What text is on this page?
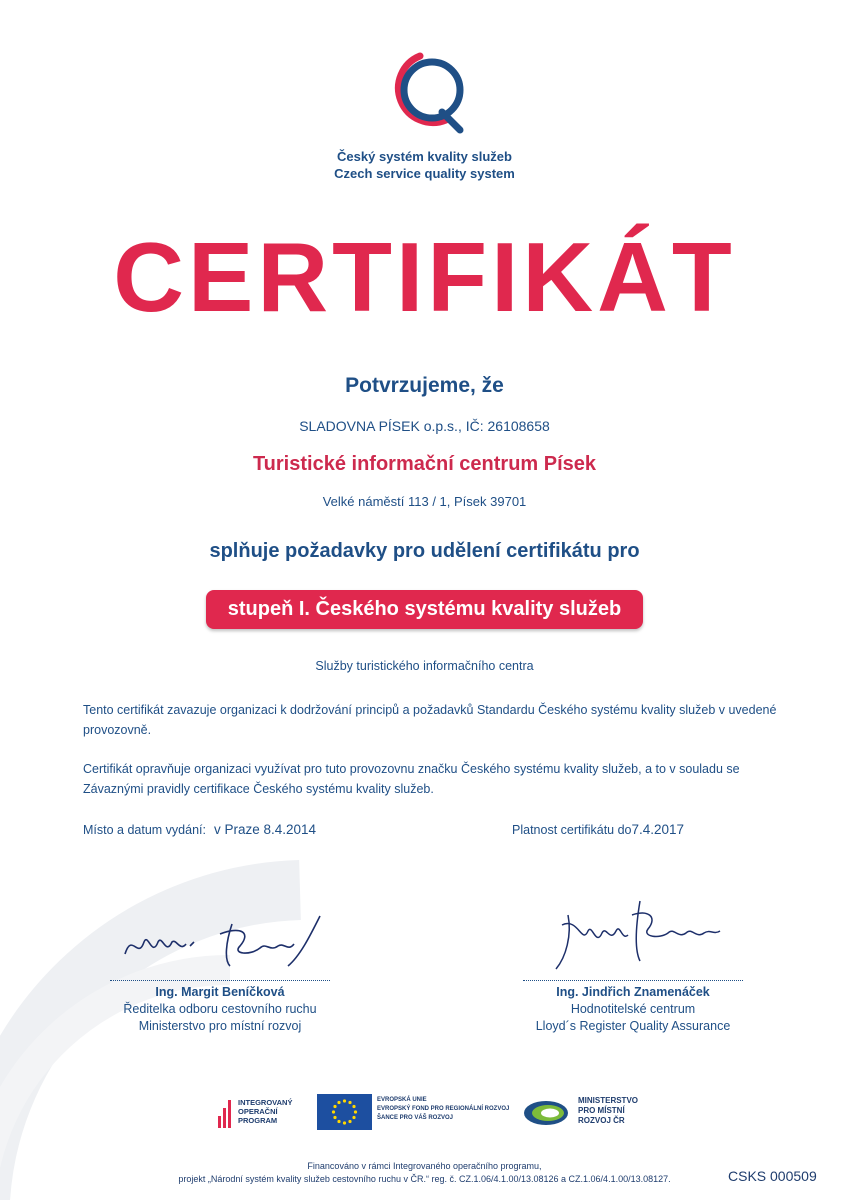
Český systém kvality služeb
Czech service quality system
CERTIFIKÁT
Potvrzujeme, že
SLADOVNA PÍSEK o.p.s., IČ: 26108658
Turistické informační centrum Písek
Velké náměstí 113 / 1, Písek 39701
splňuje požadavky pro udělení certifikátu pro
stupeň I. Českého systému kvality služeb
Služby turistického informačního centra
Tento certifikát zavazuje organizaci k dodržování principů a požadavků Standardu Českého systému kvality služeb v uvedené provozovně.
Certifikát opravňuje organizaci využívat pro tuto provozovnu značku Českého systému kvality služeb, a to v souladu se Závaznými pravidly certifikace Českého systému kvality služeb.
Místo a datum vydání: v Praze 8.4.2014	Platnost certifikátu do7.4.2017
Ing. Margit Beníčková
Ředitelka odboru cestovního ruchu
Ministerstvo pro místní rozvoj
Ing. Jindřich Znamenáček
Hodnotitelské centrum
Lloyd´s Register Quality Assurance
INTEGROVANÝ
OPERAČNÍ
PROGRAM
EVROPSKÁ UNIE
EVROPSKÝ FOND PRO REGIONÁLNÍ ROZVOJ
ŠANCE PRO VÁŠ ROZVOJ
MINISTERSTVO
PRO MÍSTNÍ
ROZVOJ ČR
Financováno v rámci Integrovaného operačního programu,
projekt „Národní systém kvality služeb cestovního ruchu v ČR.“ reg. č. CZ.1.06/4.1.00/13.08126 a CZ.1.06/4.1.00/13.08127.	CSKS 000509
